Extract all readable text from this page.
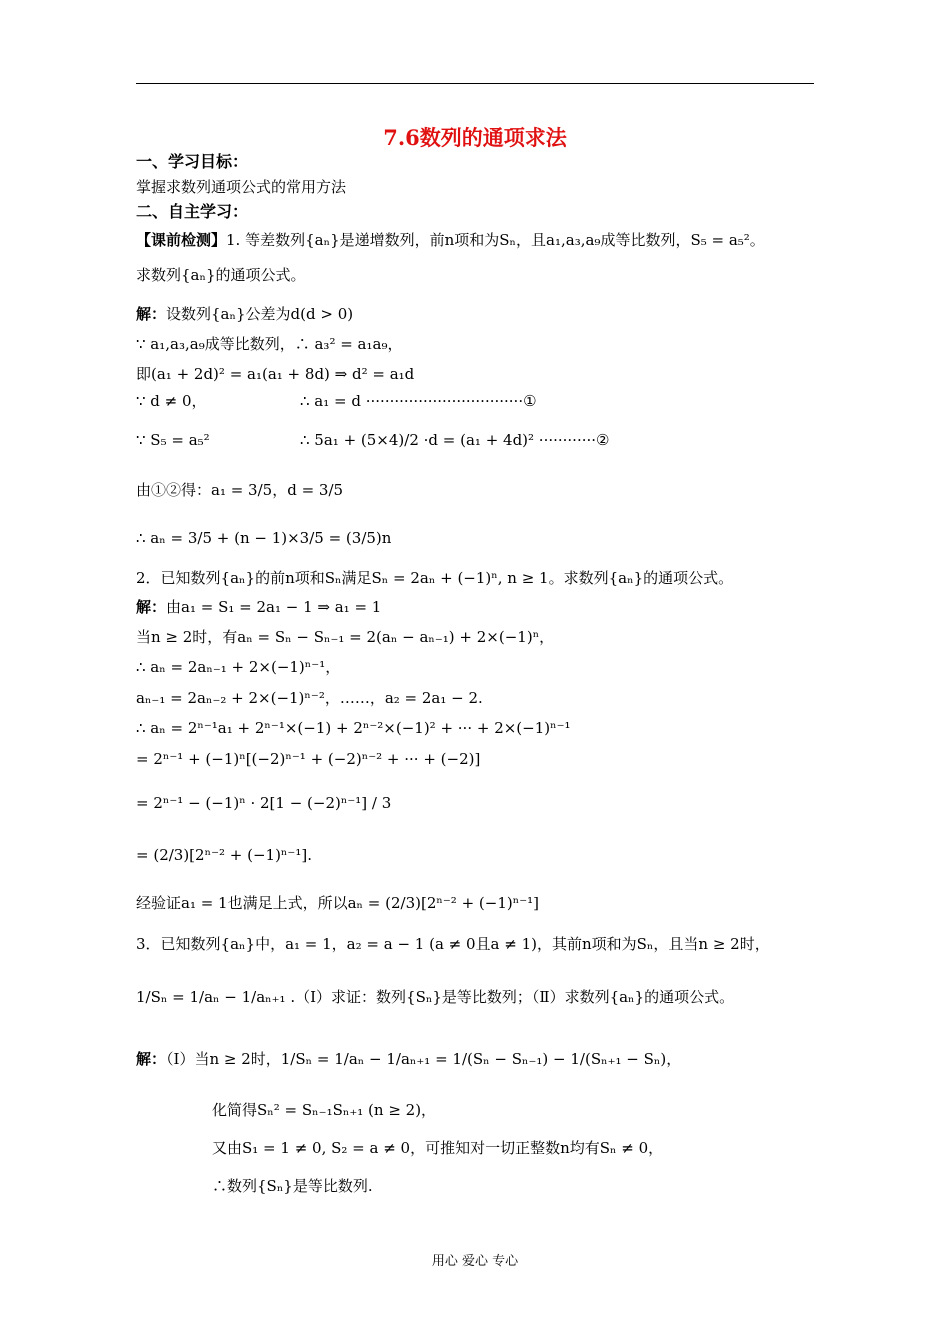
7.6数列的通项求法
一、学习目标：
掌握求数列通项公式的常用方法
二、自主学习：
【课前检测】1. 等差数列{aₙ}是递增数列，前n项和为Sₙ，且a₁,a₃,a₉成等比数列，S₅ = a₅²。
求数列{aₙ}的通项公式。
解：设数列{aₙ}公差为d(d > 0)
∵ a₁,a₃,a₉成等比数列，∴ a₃² = a₁a₉，
即(a₁ + 2d)² = a₁(a₁ + 8d) ⇒ d² = a₁d
∵ d ≠ 0，	∴ a₁ = d ·································①
∵ S₅ = a₅²	∴ 5a₁ + (5×4)/2 ·d = (a₁ + 4d)² ············②
由①②得：a₁ = 3/5，d = 3/5
∴ aₙ = 3/5 + (n − 1)×3/5 = (3/5)n
2．已知数列{aₙ}的前n项和Sₙ满足Sₙ = 2aₙ + (−1)ⁿ, n ≥ 1。求数列{aₙ}的通项公式。
解：由a₁ = S₁ = 2a₁ − 1 ⇒ a₁ = 1
当n ≥ 2时，有aₙ = Sₙ − Sₙ₋₁ = 2(aₙ − aₙ₋₁) + 2×(−1)ⁿ，
∴ aₙ = 2aₙ₋₁ + 2×(−1)ⁿ⁻¹，
aₙ₋₁ = 2aₙ₋₂ + 2×(−1)ⁿ⁻²，……，a₂ = 2a₁ − 2.
∴ aₙ = 2ⁿ⁻¹a₁ + 2ⁿ⁻¹×(−1) + 2ⁿ⁻²×(−1)² + ··· + 2×(−1)ⁿ⁻¹
= 2ⁿ⁻¹ + (−1)ⁿ[(−2)ⁿ⁻¹ + (−2)ⁿ⁻² + ··· + (−2)]
= 2ⁿ⁻¹ − (−1)ⁿ · 2[1 − (−2)ⁿ⁻¹] / 3
= (2/3)[2ⁿ⁻² + (−1)ⁿ⁻¹].
经验证a₁ = 1也满足上式，所以aₙ = (2/3)[2ⁿ⁻² + (−1)ⁿ⁻¹]
3．已知数列{aₙ}中，a₁ = 1，a₂ = a − 1 (a ≠ 0且a ≠ 1)，其前n项和为Sₙ，且当n ≥ 2时，
1/Sₙ = 1/aₙ − 1/aₙ₊₁ .（Ⅰ）求证：数列{Sₙ}是等比数列；（Ⅱ）求数列{aₙ}的通项公式。
解：（Ⅰ）当n ≥ 2时，1/Sₙ = 1/aₙ − 1/aₙ₊₁ = 1/(Sₙ − Sₙ₋₁) − 1/(Sₙ₊₁ − Sₙ)，
化简得Sₙ² = Sₙ₋₁Sₙ₊₁ (n ≥ 2)，
又由S₁ = 1 ≠ 0, S₂ = a ≠ 0，可推知对一切正整数n均有Sₙ ≠ 0，
∴数列{Sₙ}是等比数列.
用心 爱心 专心
